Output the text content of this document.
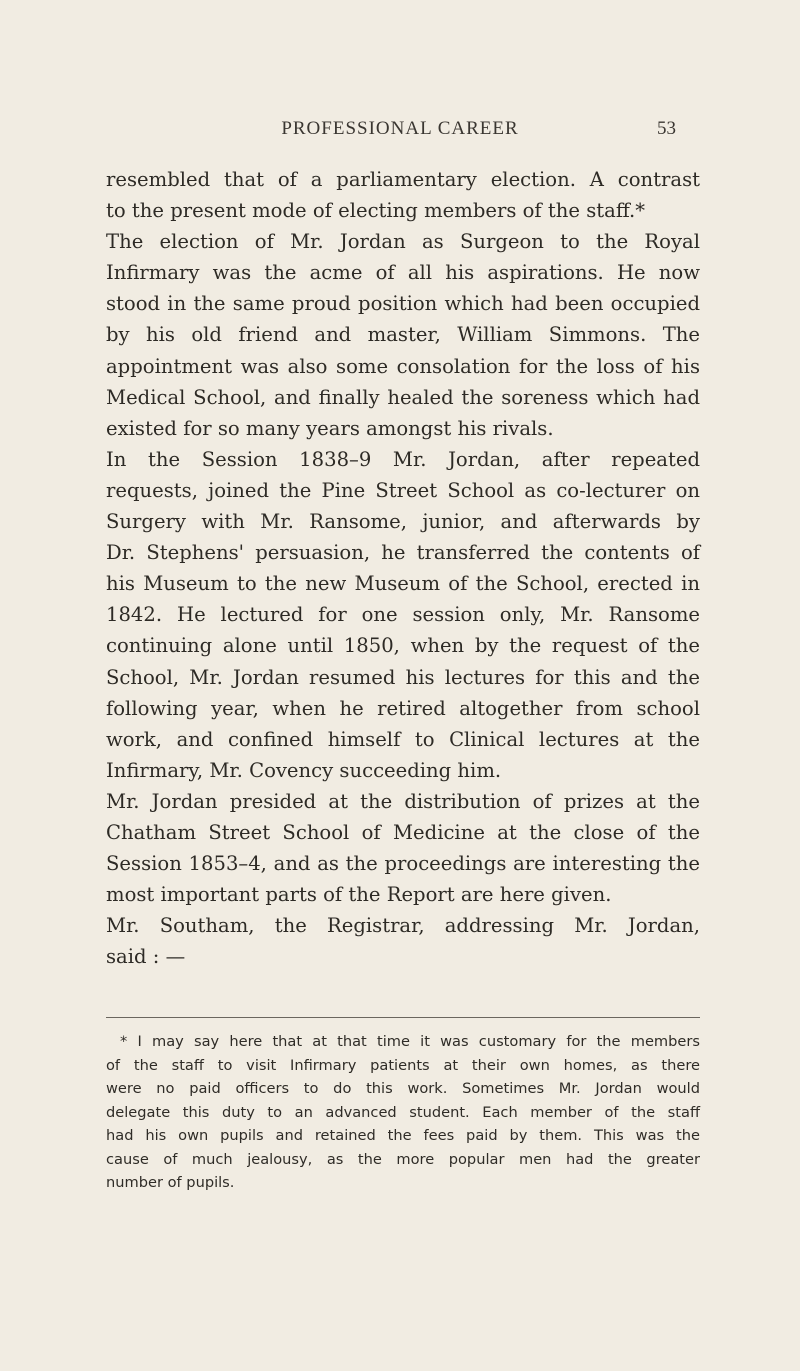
PROFESSIONAL CAREER	53
resembled that of a parliamentary election. A contrast
to the present mode of electing members of the staff.*
The election of Mr. Jordan as Surgeon to the Royal
Infirmary was the acme of all his aspirations. He now
stood in the same proud position which had been occupied
by his old friend and master, William Simmons. The
appointment was also some consolation for the loss of his
Medical School, and finally healed the soreness which had
existed for so many years amongst his rivals.
In the Session 1838–9 Mr. Jordan, after repeated
requests, joined the Pine Street School as co-lecturer on
Surgery with Mr. Ransome, junior, and afterwards by
Dr. Stephens' persuasion, he transferred the contents of
his Museum to the new Museum of the School, erected in
1842. He lectured for one session only, Mr. Ransome
continuing alone until 1850, when by the request of the
School, Mr. Jordan resumed his lectures for this and the
following year, when he retired altogether from school
work, and confined himself to Clinical lectures at the
Infirmary, Mr. Covency succeeding him.
Mr. Jordan presided at the distribution of prizes at the
Chatham Street School of Medicine at the close of the
Session 1853–4, and as the proceedings are interesting the
most important parts of the Report are here given.
Mr. Southam, the Registrar, addressing Mr. Jordan,
said : —
* I may say here that at that time it was customary for the members
of the staff to visit Infirmary patients at their own homes, as there
were no paid officers to do this work. Sometimes Mr. Jordan would
delegate this duty to an advanced student. Each member of the staff
had his own pupils and retained the fees paid by them. This was the
cause of much jealousy, as the more popular men had the greater
number of pupils.
